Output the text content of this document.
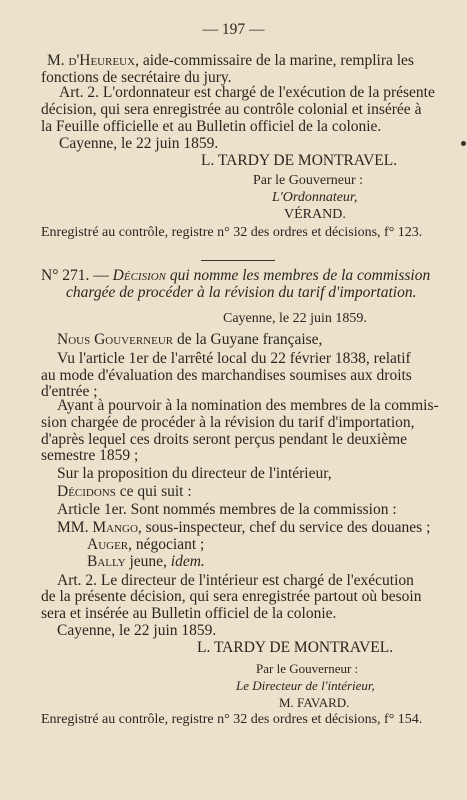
— 197 —
M. d'Heureux, aide-commissaire de la marine, remplira les
fonctions de secrétaire du jury.
Art. 2. L'ordonnateur est chargé de l'exécution de la présente
décision, qui sera enregistrée au contrôle colonial et insérée à
la Feuille officielle et au Bulletin officiel de la colonie.
Cayenne, le 22 juin 1859.
L. TARDY DE MONTRAVEL.
Par le Gouverneur :
L'Ordonnateur,
VÉRAND.
Enregistré au contrôle, registre n° 32 des ordres et décisions, f° 123.
N° 271. — Décision qui nomme les membres de la commission
chargée de procéder à la révision du tarif d'importation.
Cayenne, le 22 juin 1859.
Nous Gouverneur de la Guyane française,
Vu l'article 1er de l'arrêté local du 22 février 1838, relatif
au mode d'évaluation des marchandises soumises aux droits
d'entrée ;
Ayant à pourvoir à la nomination des membres de la commis-
sion chargée de procéder à la révision du tarif d'importation,
d'après lequel ces droits seront perçus pendant le deuxième
semestre 1859 ;
Sur la proposition du directeur de l'intérieur,
Décidons ce qui suit :
Article 1er. Sont nommés membres de la commission :
MM. Mango, sous-inspecteur, chef du service des douanes ;
Auger, négociant ;
Bally jeune, idem.
Art. 2. Le directeur de l'intérieur est chargé de l'exécution
de la présente décision, qui sera enregistrée partout où besoin
sera et insérée au Bulletin officiel de la colonie.
Cayenne, le 22 juin 1859.
L. TARDY DE MONTRAVEL.
Par le Gouverneur :
Le Directeur de l'intérieur,
M. FAVARD.
Enregistré au contrôle, registre n° 32 des ordres et décisions, f° 154.
